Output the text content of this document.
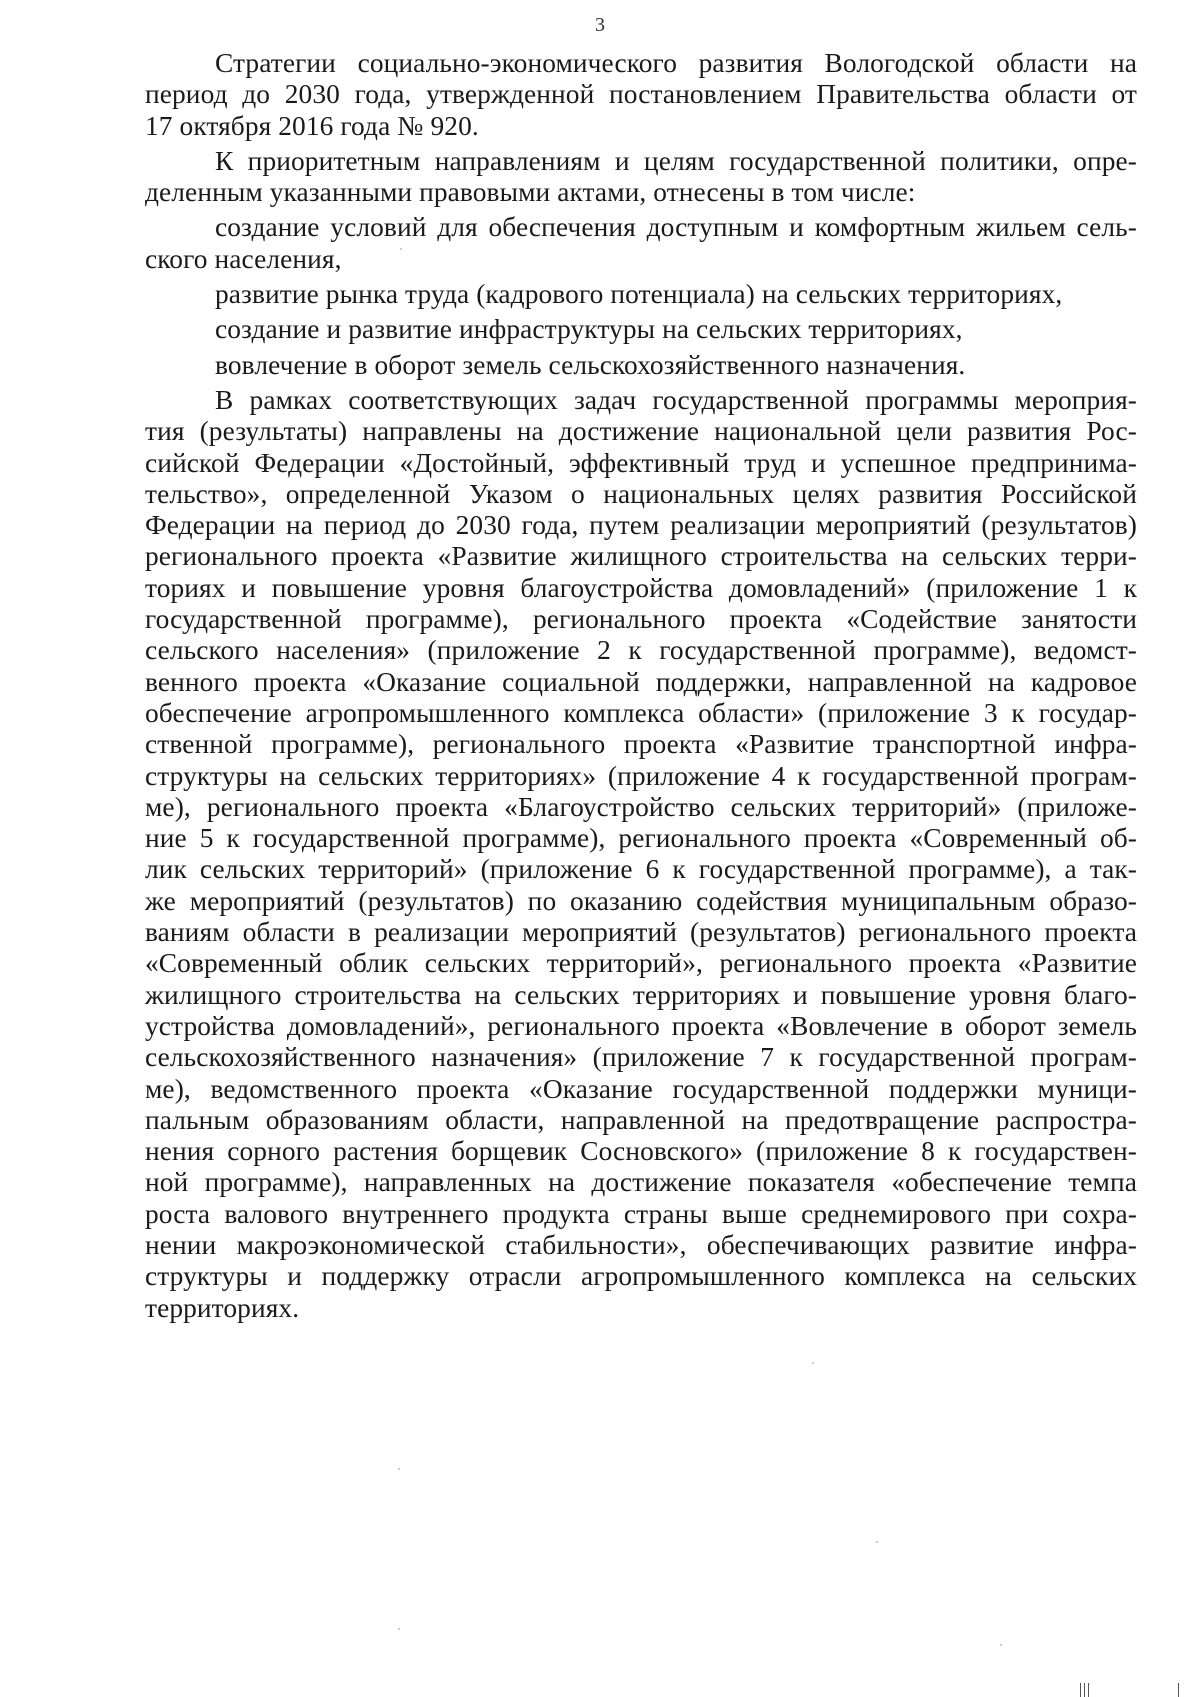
3
Стратегии социально-экономического развития Вологодской области на
период до 2030 года, утвержденной постановлением Правительства области от
17 октября 2016 года № 920.
К приоритетным направлениям и целям государственной политики, опре-
деленным указанными правовыми актами, отнесены в том числе:
создание условий для обеспечения доступным и комфортным жильем сель-
ского населения,
развитие рынка труда (кадрового потенциала) на сельских территориях,
создание и развитие инфраструктуры на сельских территориях,
вовлечение в оборот земель сельскохозяйственного назначения.
В рамках соответствующих задач государственной программы мероприя-
тия (результаты) направлены на достижение национальной цели развития Рос-
сийской Федерации «Достойный, эффективный труд и успешное предпринима-
тельство», определенной Указом о национальных целях развития Российской
Федерации на период до 2030 года, путем реализации мероприятий (результатов)
регионального проекта «Развитие жилищного строительства на сельских терри-
ториях и повышение уровня благоустройства домовладений» (приложение 1 к
государственной программе), регионального проекта «Содействие занятости
сельского населения» (приложение 2 к государственной программе), ведомст-
венного проекта «Оказание социальной поддержки, направленной на кадровое
обеспечение агропромышленного комплекса области» (приложение 3 к государ-
ственной программе), регионального проекта «Развитие транспортной инфра-
структуры на сельских территориях» (приложение 4 к государственной програм-
ме), регионального проекта «Благоустройство сельских территорий» (приложе-
ние 5 к государственной программе), регионального проекта «Современный об-
лик сельских территорий» (приложение 6 к государственной программе), а так-
же мероприятий (результатов) по оказанию содействия муниципальным образо-
ваниям области в реализации мероприятий (результатов) регионального проекта
«Современный облик сельских территорий», регионального проекта «Развитие
жилищного строительства на сельских территориях и повышение уровня благо-
устройства домовладений», регионального проекта «Вовлечение в оборот земель
сельскохозяйственного назначения» (приложение 7 к государственной програм-
ме), ведомственного проекта «Оказание государственной поддержки муници-
пальным образованиям области, направленной на предотвращение распростра-
нения сорного растения борщевик Сосновского» (приложение 8 к государствен-
ной программе), направленных на достижение показателя «обеспечение темпа
роста валового внутреннего продукта страны выше среднемирового при сохра-
нении макроэкономической стабильности», обеспечивающих развитие инфра-
структуры и поддержку отрасли агропромышленного комплекса на сельских
территориях.
